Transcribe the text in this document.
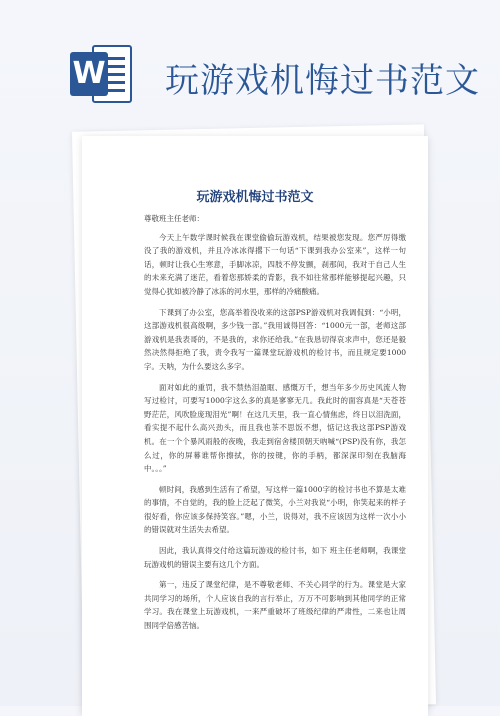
W 玩游戏机悔过书范文
玩游戏机悔过书范文

尊敬班主任老师：

今天上午数学课时候我在课堂偷偷玩游戏机，结果被您发现。您严厉得缴没了我的游戏机，并且冷冰冰得撂下一句话“下课到我办公室来”，这样一句话，顿时让我心生寒意，手脚冰凉，四肢不停发颤，刹那间，我对于自己人生的未来充满了迷茫，看着您那娇柔的背影，我不如往常那样能够提起兴趣，只觉得心犹如被冷静了冰冻的河水里，那样的冷痛酸痛。

下课到了办公室，您高举着没收来的这部PSP游戏机对我调侃到：“小明，这部游戏机很高级啊，多少钱一部。”我用诚得回答：“1000元一部，老师这部游戏机是我表哥的，不是我的，求你还给我。”在我恳切得哀求声中，您还是毅然决然得拒绝了我，责令我写一篇课堂玩游戏机的检讨书，而且规定要1000字。天呐，为什么要这么多字。

面对如此的重罚，我不禁热泪盈眶、感慨万千，想当年多少历史风流人物写过检讨，可要写1000字这么多的真是寥寥无几。我此时的面容真是“天苍苍野茫茫，风吹脸庞现泪光”啊！在这几天里，我一直心情焦虑，终日以泪洗面，看实提不起什么高兴劲头，而且我也茶不思饭不想，惦记这我这部PSP游戏机。在一个个暴风雨般的夜晚，我走到宿舍楼顶朝天吶喊“(PSP)没有你，我怎么过，你的屏幕谁帮你擦拭，你的按键，你的手柄，都深深印刻在我脑海中。。。”

顿时间，我感到生活有了希望，写这样一篇1000字的检讨书也不算是太难的事情，不自觉的，我的脸上泛起了微笑，小兰对我说“小明，你笑起来的样子很好看，你应该多保持笑容。”嗯，小兰，说得对，我不应该因为这样一次小小的错误就对生活失去希望。

因此，我认真得交付给这篇玩游戏的检讨书，如下 班主任老师啊，我课堂玩游戏机的错误主要有这几个方面。

第一，违反了课堂纪律，是不尊敬老师、不关心同学的行为。课堂是大家共同学习的场所，个人应该自我的言行举止，万万不可影响到其他同学的正常学习。我在课堂上玩游戏机，一来严重破坏了班级纪律的严肃性，二来也让周围同学倍感苦恼。
